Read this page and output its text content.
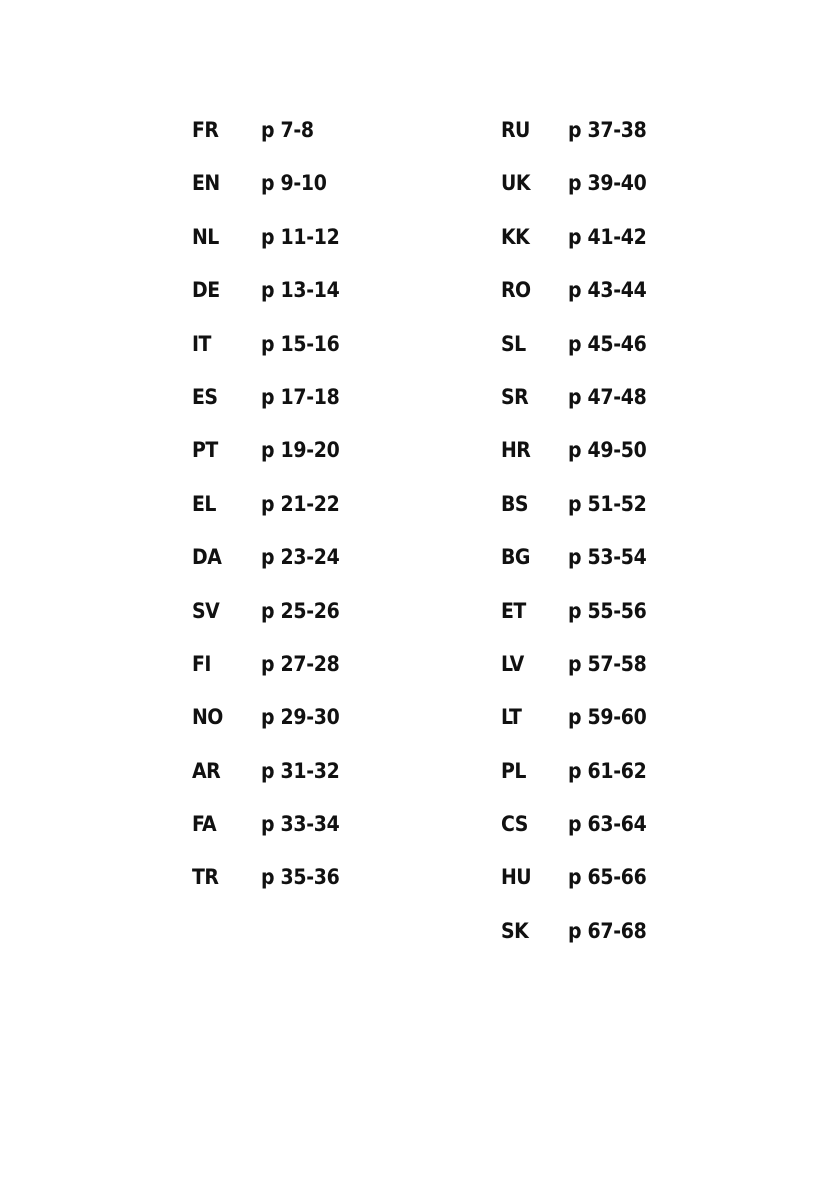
FR	p 7-8
EN	p 9-10
NL	p 11-12
DE	p 13-14
IT	p 15-16
ES	p 17-18
PT	p 19-20
EL	p 21-22
DA	p 23-24
SV	p 25-26
FI	p 27-28
NO	p 29-30
AR	p 31-32
FA	p 33-34
TR	p 35-36
RU	p 37-38
UK	p 39-40
KK	p 41-42
RO	p 43-44
SL	p 45-46
SR	p 47-48
HR	p 49-50
BS	p 51-52
BG	p 53-54
ET	p 55-56
LV	p 57-58
LT	p 59-60
PL	p 61-62
CS	p 63-64
HU	p 65-66
SK	p 67-68
